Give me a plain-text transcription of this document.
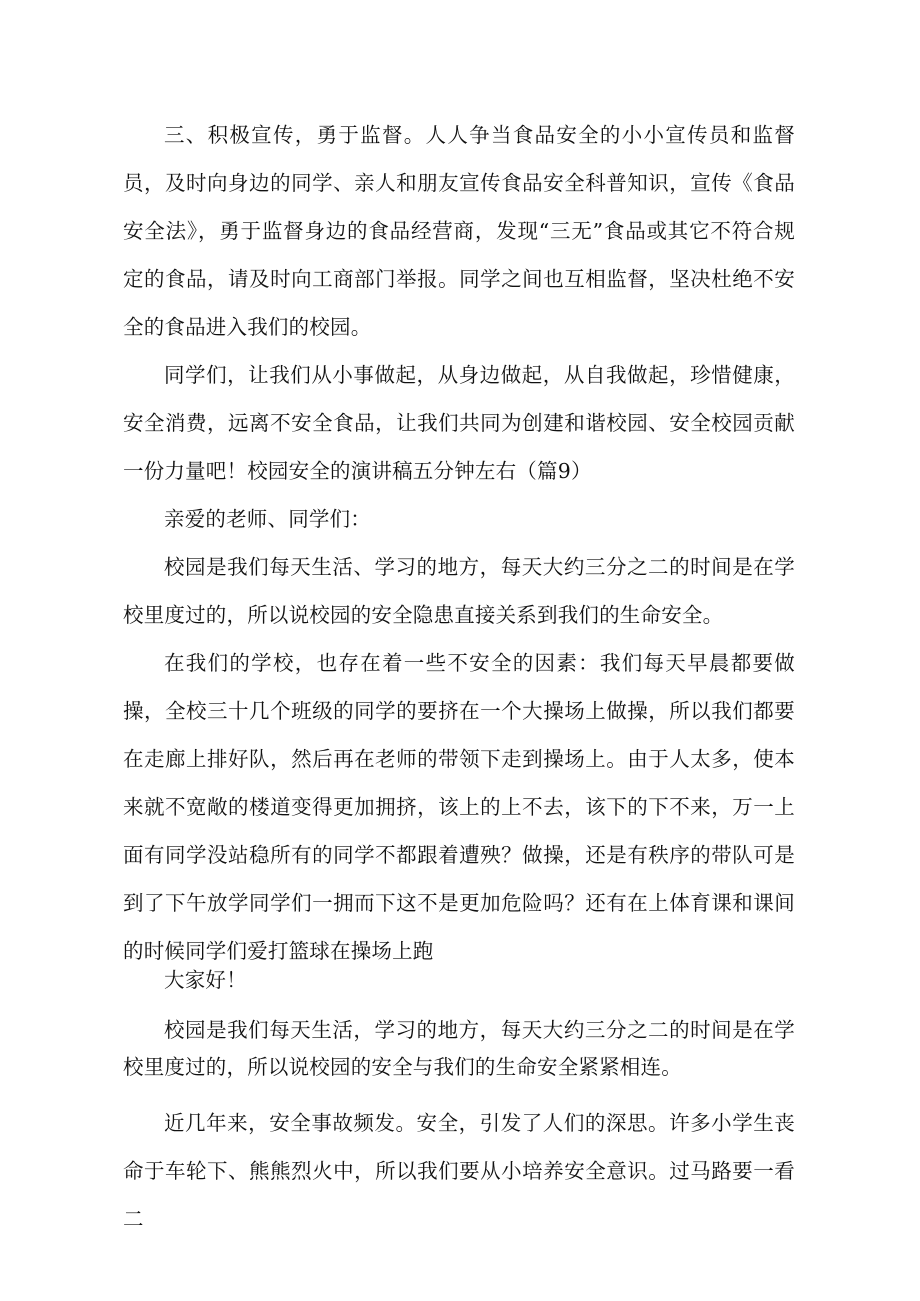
三、积极宣传，勇于监督。人人争当食品安全的小小宣传员和监督员，及时向身边的同学、亲人和朋友宣传食品安全科普知识，宣传《食品安全法》，勇于监督身边的食品经营商，发现“三无”食品或其它不符合规定的食品，请及时向工商部门举报。同学之间也互相监督，坚决杜绝不安全的食品进入我们的校园。

同学们，让我们从小事做起，从身边做起，从自我做起，珍惜健康，安全消费，远离不安全食品，让我们共同为创建和谐校园、安全校园贡献一份力量吧！校园安全的演讲稿五分钟左右（篇9）

亲爱的老师、同学们：

校园是我们每天生活、学习的地方，每天大约三分之二的时间是在学校里度过的，所以说校园的安全隐患直接关系到我们的生命安全。

在我们的学校，也存在着一些不安全的因素：我们每天早晨都要做操，全校三十几个班级的同学的要挤在一个大操场上做操，所以我们都要在走廊上排好队，然后再在老师的带领下走到操场上。由于人太多，使本来就不宽敞的楼道变得更加拥挤，该上的上不去，该下的下不来，万一上面有同学没站稳所有的同学不都跟着遭殃？做操，还是有秩序的带队可是到了下午放学同学们一拥而下这不是更加危险吗？还有在上体育课和课间的时候同学们爱打篮球在操场上跑

大家好！

校园是我们每天生活，学习的地方，每天大约三分之二的时间是在学校里度过的，所以说校园的安全与我们的生命安全紧紧相连。

近几年来，安全事故频发。安全，引发了人们的深思。许多小学生丧命于车轮下、熊熊烈火中，所以我们要从小培养安全意识。过马路要一看二
